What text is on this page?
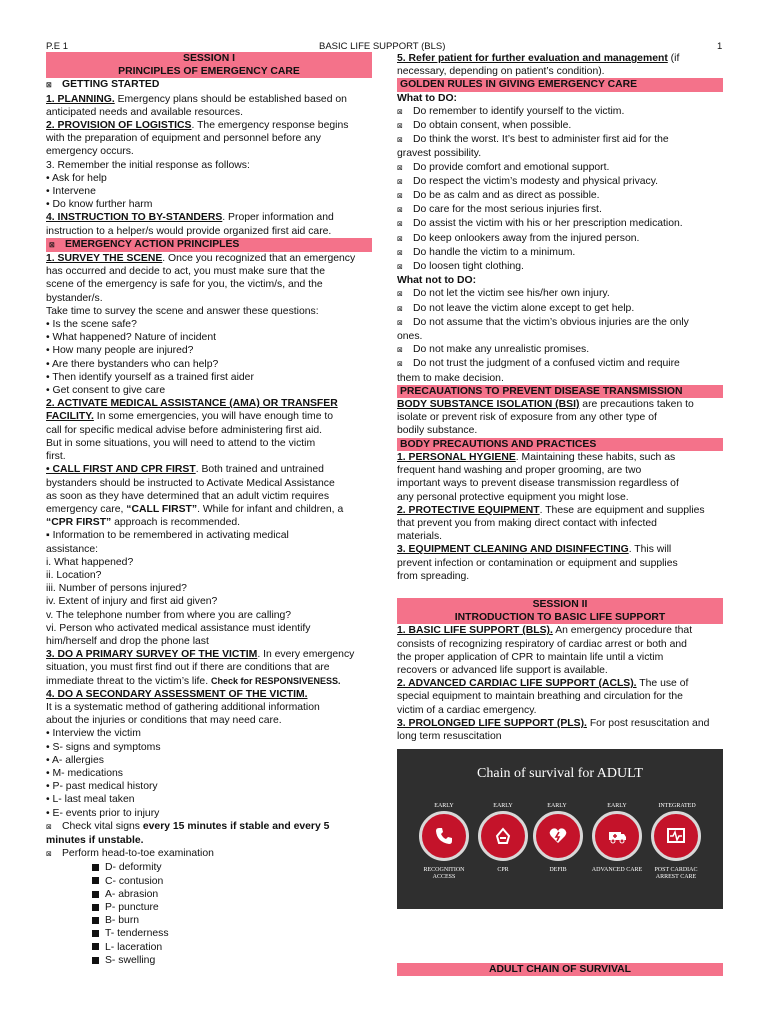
P.E 1	BASIC LIFE SUPPORT (BLS)	1
SESSION I
PRINCIPLES OF EMERGENCY CARE
⊠ GETTING STARTED
1. PLANNING. Emergency plans should be established based on
anticipated needs and available resources.
2. PROVISION OF LOGISTICS. The emergency response begins
with the preparation of equipment and personnel before any
emergency occurs.
3. Remember the initial response as follows:
• Ask for help
• Intervene
• Do know further harm
4. INSTRUCTION TO BY-STANDERS. Proper information and
instruction to a helper/s would provide organized first aid care.
⊠ EMERGENCY ACTION PRINCIPLES
1. SURVEY THE SCENE. Once you recognized that an emergency
has occurred and decide to act, you must make sure that the
scene of the emergency is safe for you, the victim/s, and the
bystander/s.
Take time to survey the scene and answer these questions:
• Is the scene safe?
• What happened? Nature of incident
• How many people are injured?
• Are there bystanders who can help?
• Then identify yourself as a trained first aider
• Get consent to give care
2. ACTIVATE MEDICAL ASSISTANCE (AMA) OR TRANSFER
FACILITY. In some emergencies, you will have enough time to
call for specific medical advise before administering first aid.
But in some situations, you will need to attend to the victim
first.
• CALL FIRST AND CPR FIRST. Both trained and untrained
bystanders should be instructed to Activate Medical Assistance
as soon as they have determined that an adult victim requires
emergency care, “CALL FIRST”. While for infant and children, a
“CPR FIRST” approach is recommended.
▪ Information to be remembered in activating medical
assistance:
i. What happened?
ii. Location?
iii. Number of persons injured?
iv. Extent of injury and first aid given?
v. The telephone number from where you are calling?
vi. Person who activated medical assistance must identify
him/herself and drop the phone last
3. DO A PRIMARY SURVEY OF THE VICTIM. In every emergency
situation, you must first find out if there are conditions that are
immediate threat to the victim’s life. Check for RESPONSIVENESS.
4. DO A SECONDARY ASSESSMENT OF THE VICTIM.
It is a systematic method of gathering additional information
about the injuries or conditions that may need care.
• Interview the victim
• S- signs and symptoms
• A- allergies
• M- medications
• P- past medical history
• L- last meal taken
• E- events prior to injury
⊠ Check vital signs every 15 minutes if stable and every 5
minutes if unstable.
⊠ Perform head-to-toe examination
D- deformity
C- contusion
A- abrasion
P- puncture
B- burn
T- tenderness
L- laceration
S- swelling
5. Refer patient for further evaluation and management (if
necessary, depending on patient’s condition).
GOLDEN RULES IN GIVING EMERGENCY CARE
What to DO:
⊠ Do remember to identify yourself to the victim.
⊠ Do obtain consent, when possible.
⊠ Do think the worst. It’s best to administer first aid for the
gravest possibility.
⊠ Do provide comfort and emotional support.
⊠ Do respect the victim’s modesty and physical privacy.
⊠ Do be as calm and as direct as possible.
⊠ Do care for the most serious injuries first.
⊠ Do assist the victim with his or her prescription medication.
⊠ Do keep onlookers away from the injured person.
⊠ Do handle the victim to a minimum.
⊠ Do loosen tight clothing.
What not to DO:
⊠ Do not let the victim see his/her own injury.
⊠ Do not leave the victim alone except to get help.
⊠ Do not assume that the victim’s obvious injuries are the only
ones.
⊠ Do not make any unrealistic promises.
⊠ Do not trust the judgment of a confused victim and require
them to make decision.
PRECAUATIONS TO PREVENT DISEASE TRANSMISSION
BODY SUBSTANCE ISOLATION (BSI) are precautions taken to
isolate or prevent risk of exposure from any other type of
bodily substance.
BODY PRECAUTIONS AND PRACTICES
1. PERSONAL HYGIENE. Maintaining these habits, such as
frequent hand washing and proper grooming, are two
important ways to prevent disease transmission regardless of
any personal protective equipment you might lose.
2. PROTECTIVE EQUIPMENT. These are equipment and supplies
that prevent you from making direct contact with infected
materials.
3. EQUIPMENT CLEANING AND DISINFECTING. This will
prevent infection or contamination or equipment and supplies
from spreading.
SESSION II
INTRODUCTION TO BASIC LIFE SUPPORT
1. BASIC LIFE SUPPORT (BLS). An emergency procedure that
consists of recognizing respiratory of cardiac arrest or both and
the proper application of CPR to maintain life until a victim
recovers or advanced life support is available.
2. ADVANCED CARDIAC LIFE SUPPORT (ACLS). The use of
special equipment to maintain breathing and circulation for the
victim of a cardiac emergency.
3. PROLONGED LIFE SUPPORT (PLS). For post resuscitation and
long term resuscitation
Chain of survival for ADULT
EARLY	EARLY	EARLY	EARLY	INTEGRATED
RECOGNITION ACCESS
CPR	DEFIB	ADVANCED CARE	POST CARDIAC ARREST CARE
ADULT CHAIN OF SURVIVAL
